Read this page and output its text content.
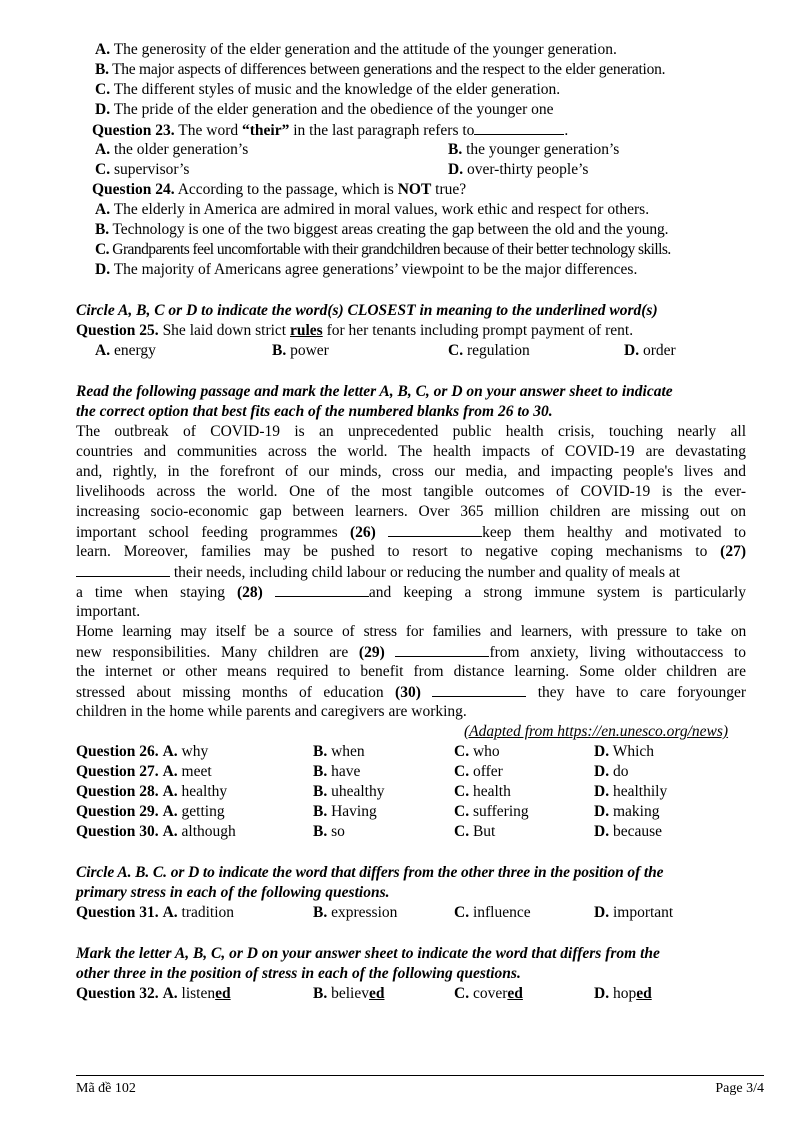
A. The generosity of the elder generation and the attitude of the younger generation.
B. The major aspects of differences between generations and the respect to the elder generation.
C. The different styles of music and the knowledge of the elder generation.
D. The pride of the elder generation and the obedience of the younger one
Question 23. The word “their” in the last paragraph refers to	.
A. the older generation’s	B. the younger generation’s
C. supervisor’s	D. over-thirty people’s
Question 24. According to the passage, which is NOT true?
A. The elderly in America are admired in moral values, work ethic and respect for others.
B. Technology is one of the two biggest areas creating the gap between the old and the young.
C. Grandparents feel uncomfortable with their grandchildren because of their better technology skills.
D. The majority of Americans agree generations’ viewpoint to be the major differences.
Circle A, B, C or D to indicate the word(s) CLOSEST in meaning to the underlined word(s)
Question 25. She laid down strict rules for her tenants including prompt payment of rent.
A. energy	B. power	C. regulation	D. order
Read the following passage and mark the letter A, B, C, or D on your answer sheet to indicate
the correct option that best fits each of the numbered blanks from 26 to 30.
The outbreak of COVID-19 is an unprecedented public health crisis, touching nearly all
countries and communities across the world. The health impacts of COVID-19 are devastating
and, rightly, in the forefront of our minds, cross our media, and impacting people's lives and
livelihoods across the world. One of the most tangible outcomes of COVID-19 is the ever-
increasing socio-economic gap between learners. Over 365 million children are missing out on
important school feeding programmes (26)	keep them healthy and motivated to
learn. Moreover, families may be pushed to resort to negative coping mechanisms to (27)
their needs, including child labour or reducing the number and quality of meals at
a time when staying (28)	and keeping a strong immune system is particularly
important.
Home learning may itself be a source of stress for families and learners, with pressure to take on
new responsibilities. Many children are (29)	from anxiety, living withoutaccess to
the internet or other means required to benefit from distance learning. Some older children are
stressed about missing months of education (30)	they have to care foryounger
children in the home while parents and caregivers are working.
(Adapted from https://en.unesco.org/news)
Question 26. A. why	B. when	C. who	D. Which
Question 27. A. meet	B. have	C. offer	D. do
Question 28. A. healthy	B. uhealthy	C. health	D. healthily
Question 29. A. getting	B. Having	C. suffering	D. making
Question 30. A. although	B. so	C. But	D. because
Circle A. B. C. or D to indicate the word that differs from the other three in the position of the
primary stress in each of the following questions.
Question 31. A. tradition	B. expression	C. influence	D. important
Mark the letter A, B, C, or D on your answer sheet to indicate the word that differs from the
other three in the position of stress in each of the following questions.
Question 32. A. listened	B. believed	C. covered	D. hoped
Mã đề 102	Page 3/4
